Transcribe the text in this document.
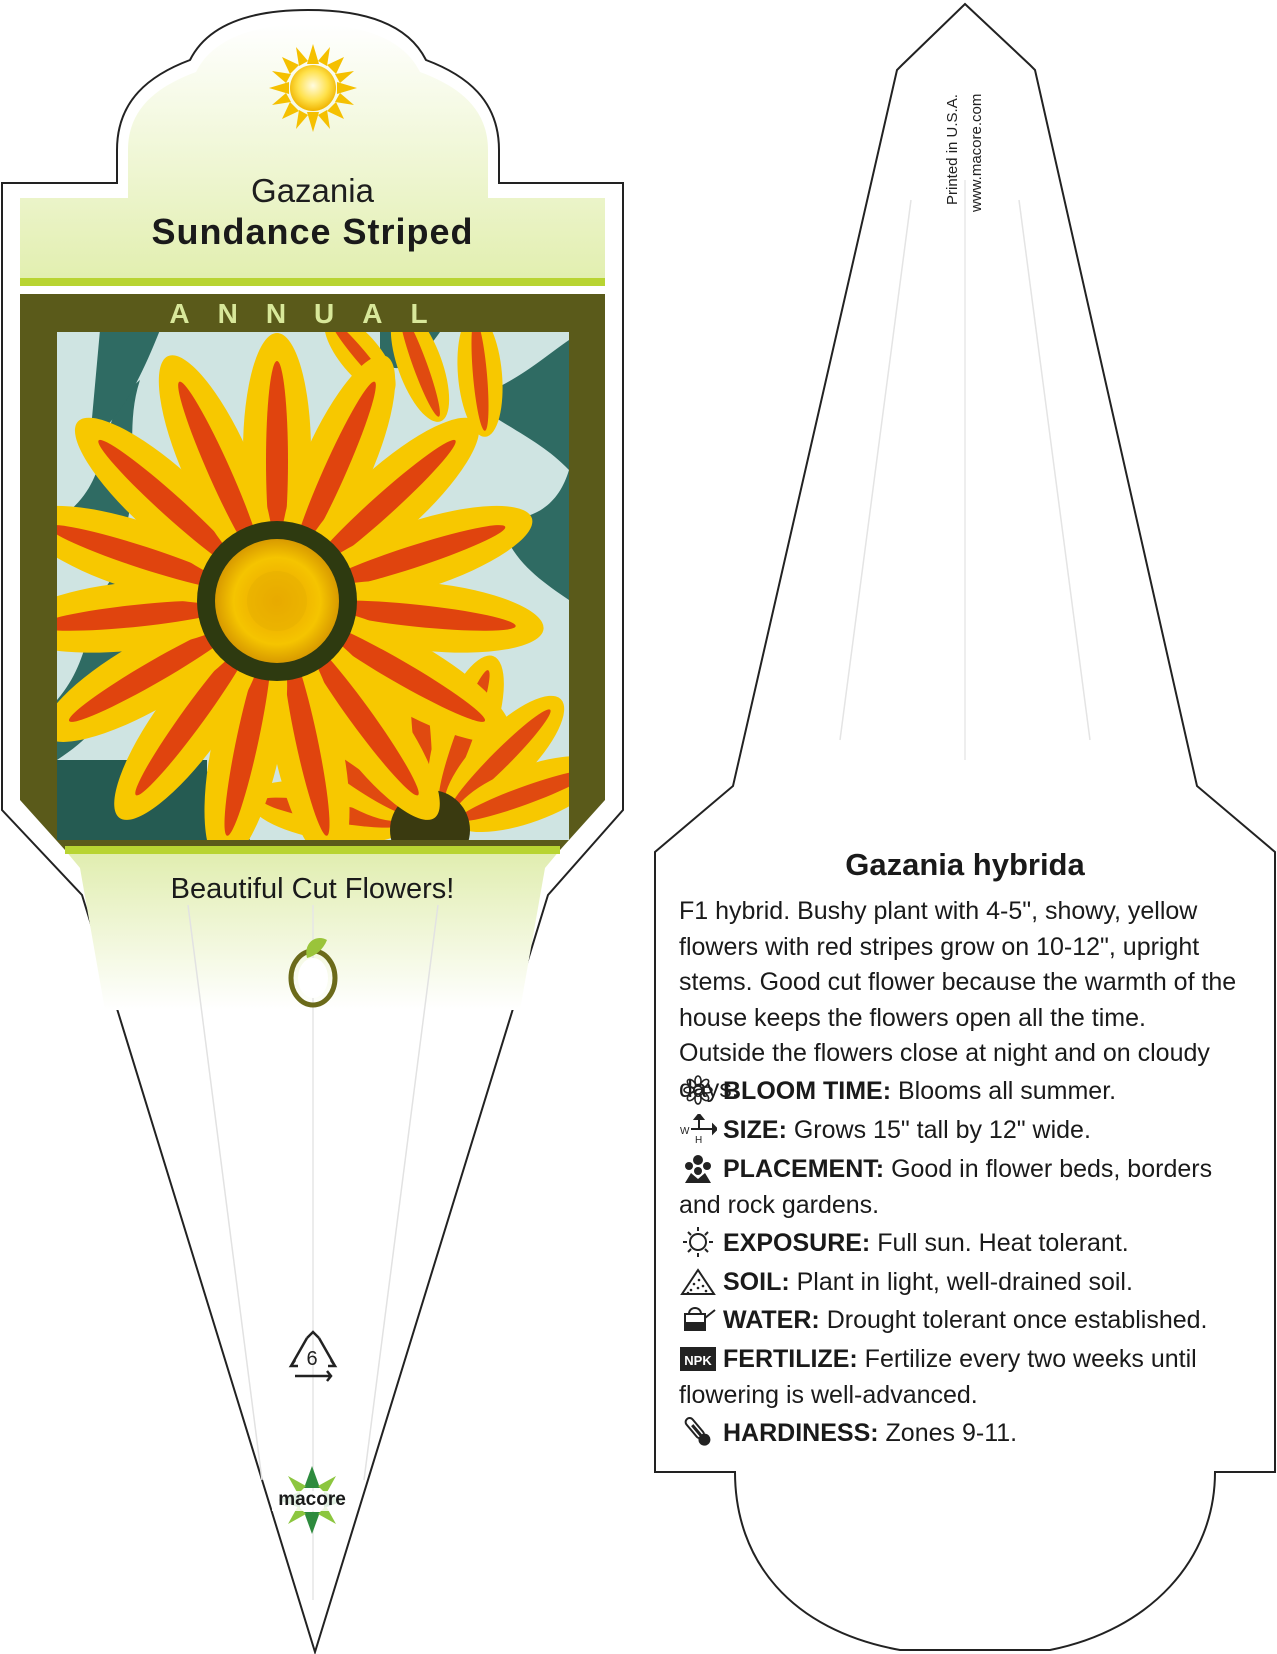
Gazania
Sundance Striped
ANNUAL
Beautiful Cut Flowers!
6
macore
Printed in U.S.A. www.macore.com
Gazania hybrida
F1 hybrid. Bushy plant with 4-5", showy, yellow flowers with red stripes grow on 10-12", upright stems. Good cut flower because the warmth of the house keeps the flowers open all the time. Outside the flowers close at night and on cloudy days.
BLOOM TIME: Blooms all summer.
W
H SIZE: Grows 15" tall by 12" wide.
PLACEMENT: Good in flower beds, borders and rock gardens.
EXPOSURE: Full sun. Heat tolerant.
SOIL: Plant in light, well-drained soil.
WATER: Drought tolerant once established.
NPK FERTILIZE: Fertilize every two weeks until flowering is well-advanced.
HARDINESS: Zones 9-11.
